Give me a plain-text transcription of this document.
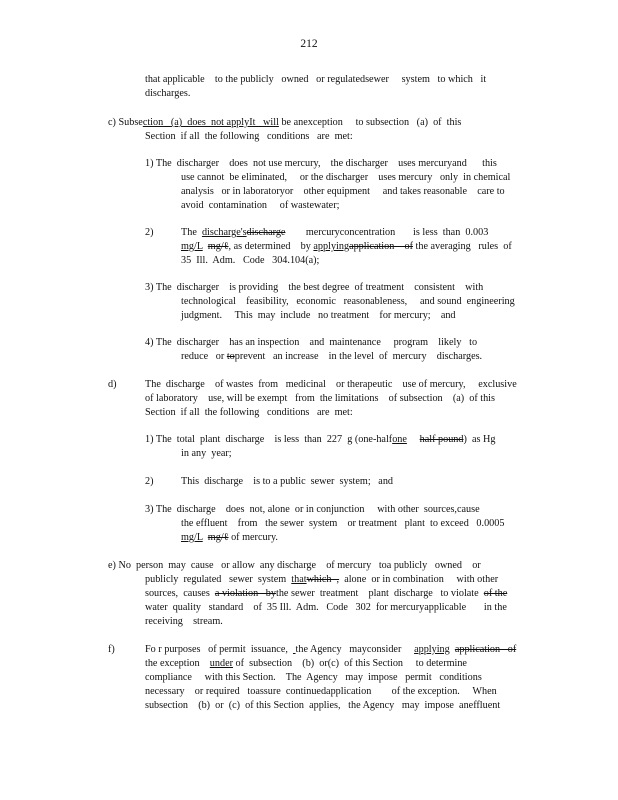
212
that applicable    to the publicly   owned   or regulatedsewer     system   to which   it
discharges.
c) Subsection   (a)  does  not applyIt   will be anexception     to subsection   (a)  of  this
Section  if all  the following   conditions   are  met:
1) The  discharger    does  not use mercury,    the discharger    uses mercuryand      this
use cannot  be eliminated,     or the discharger    uses mercury   only  in chemical
analysis   or in laboratoryor    other equipment     and takes reasonable    care to
avoid  contamination     of wastewater;
2)	The  discharge'sdischarge        mercuryconcentration       is less  than  0.003
mg/L mg/ℓ, as determined    by applyingapplication    of the averaging   rules  of
35  Ill.  Adm.   Code   304.104(a);
3) The  discharger    is providing    the best degree  of treatment    consistent    with
technological    feasibility,   economic   reasonableness,     and sound  engineering
judgment.     This  may  include   no treatment    for mercury;    and
4) The  discharger    has an inspection    and  maintenance     program    likely   to
reduce   or toprevent   an increase    in the level  of  mercury    discharges.
d)	The  discharge    of wastes  from   medicinal    or therapeutic    use of mercury,     exclusive
of laboratory    use, will be exempt   from  the limitations    of subsection    (a)  of this
Section  if all  the following   conditions   are  met:
1) The  total  plant  discharge    is less  than  227  g (one-halfone half pound)  as Hg
in any  year;
2)	This  discharge    is to a public  sewer  system;   and
3) The  discharge    does  not, alone  or in conjunction     with other  sources,cause
the effluent    from   the sewer  system    or treatment   plant  to exceed   0.0005
mg/L mg/ℓ of mercury.
e) No  person  may  cause   or allow  any discharge    of mercury   toa publicly   owned    or
publicly  regulated   sewer  system  thatwhich  ,  alone  or in combination     with other
sources,  causes  a violation   bythe sewer  treatment    plant  discharge   to violate  of the
water  quality   standard    of  35 Ill.  Adm.   Code   302  for mercuryapplicable       in the
receiving    stream.
f)	Fo r purposes   of permit  issuance,   the Agency   mayconsider     applying application   of
the exception    under of  subsection    (b)  or(c)  of this Section     to determine
compliance     with this Section.    The  Agency   may  impose   permit   conditions
necessary    or required   toassure  continuedapplication        of the exception.     When
subsection    (b)  or  (c)  of this Section  applies,   the Agency   may  impose  aneffluent
